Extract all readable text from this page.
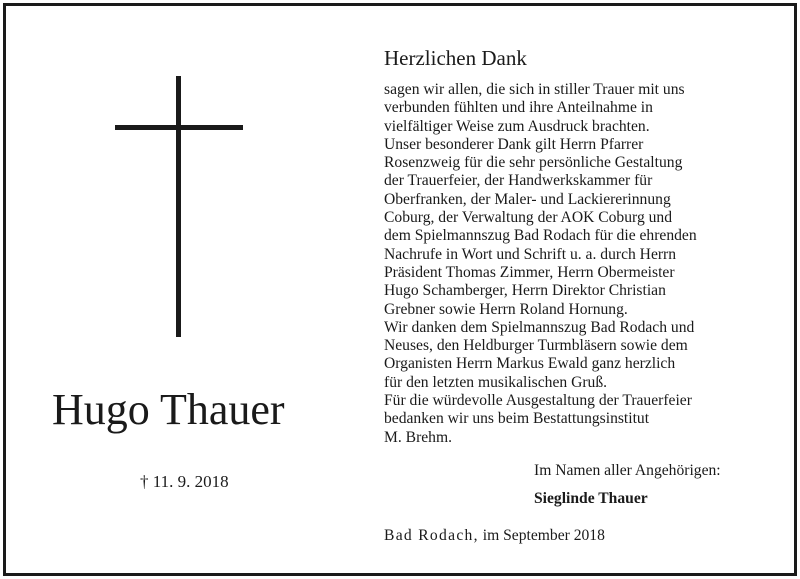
Hugo Thauer
† 11. 9. 2018
Herzlichen Dank
sagen wir allen, die sich in stiller Trauer mit uns
verbunden fühlten und ihre Anteilnahme in
vielfältiger Weise zum Ausdruck brachten.
Unser besonderer Dank gilt Herrn Pfarrer
Rosenzweig für die sehr persönliche Gestaltung
der Trauerfeier, der Handwerkskammer für
Oberfranken, der Maler- und Lackiererinnung
Coburg, der Verwaltung der AOK Coburg und
dem Spielmannszug Bad Rodach für die ehrenden
Nachrufe in Wort und Schrift u. a. durch Herrn
Präsident Thomas Zimmer, Herrn Obermeister
Hugo Schamberger, Herrn Direktor Christian
Grebner sowie Herrn Roland Hornung.
Wir danken dem Spielmannszug Bad Rodach und
Neuses, den Heldburger Turmbläsern sowie dem
Organisten Herrn Markus Ewald ganz herzlich
für den letzten musikalischen Gruß.
Für die würdevolle Ausgestaltung der Trauerfeier
bedanken wir uns beim Bestattungsinstitut
M. Brehm.
Im Namen aller Angehörigen:
Sieglinde Thauer
Bad Rodach, im September 2018
